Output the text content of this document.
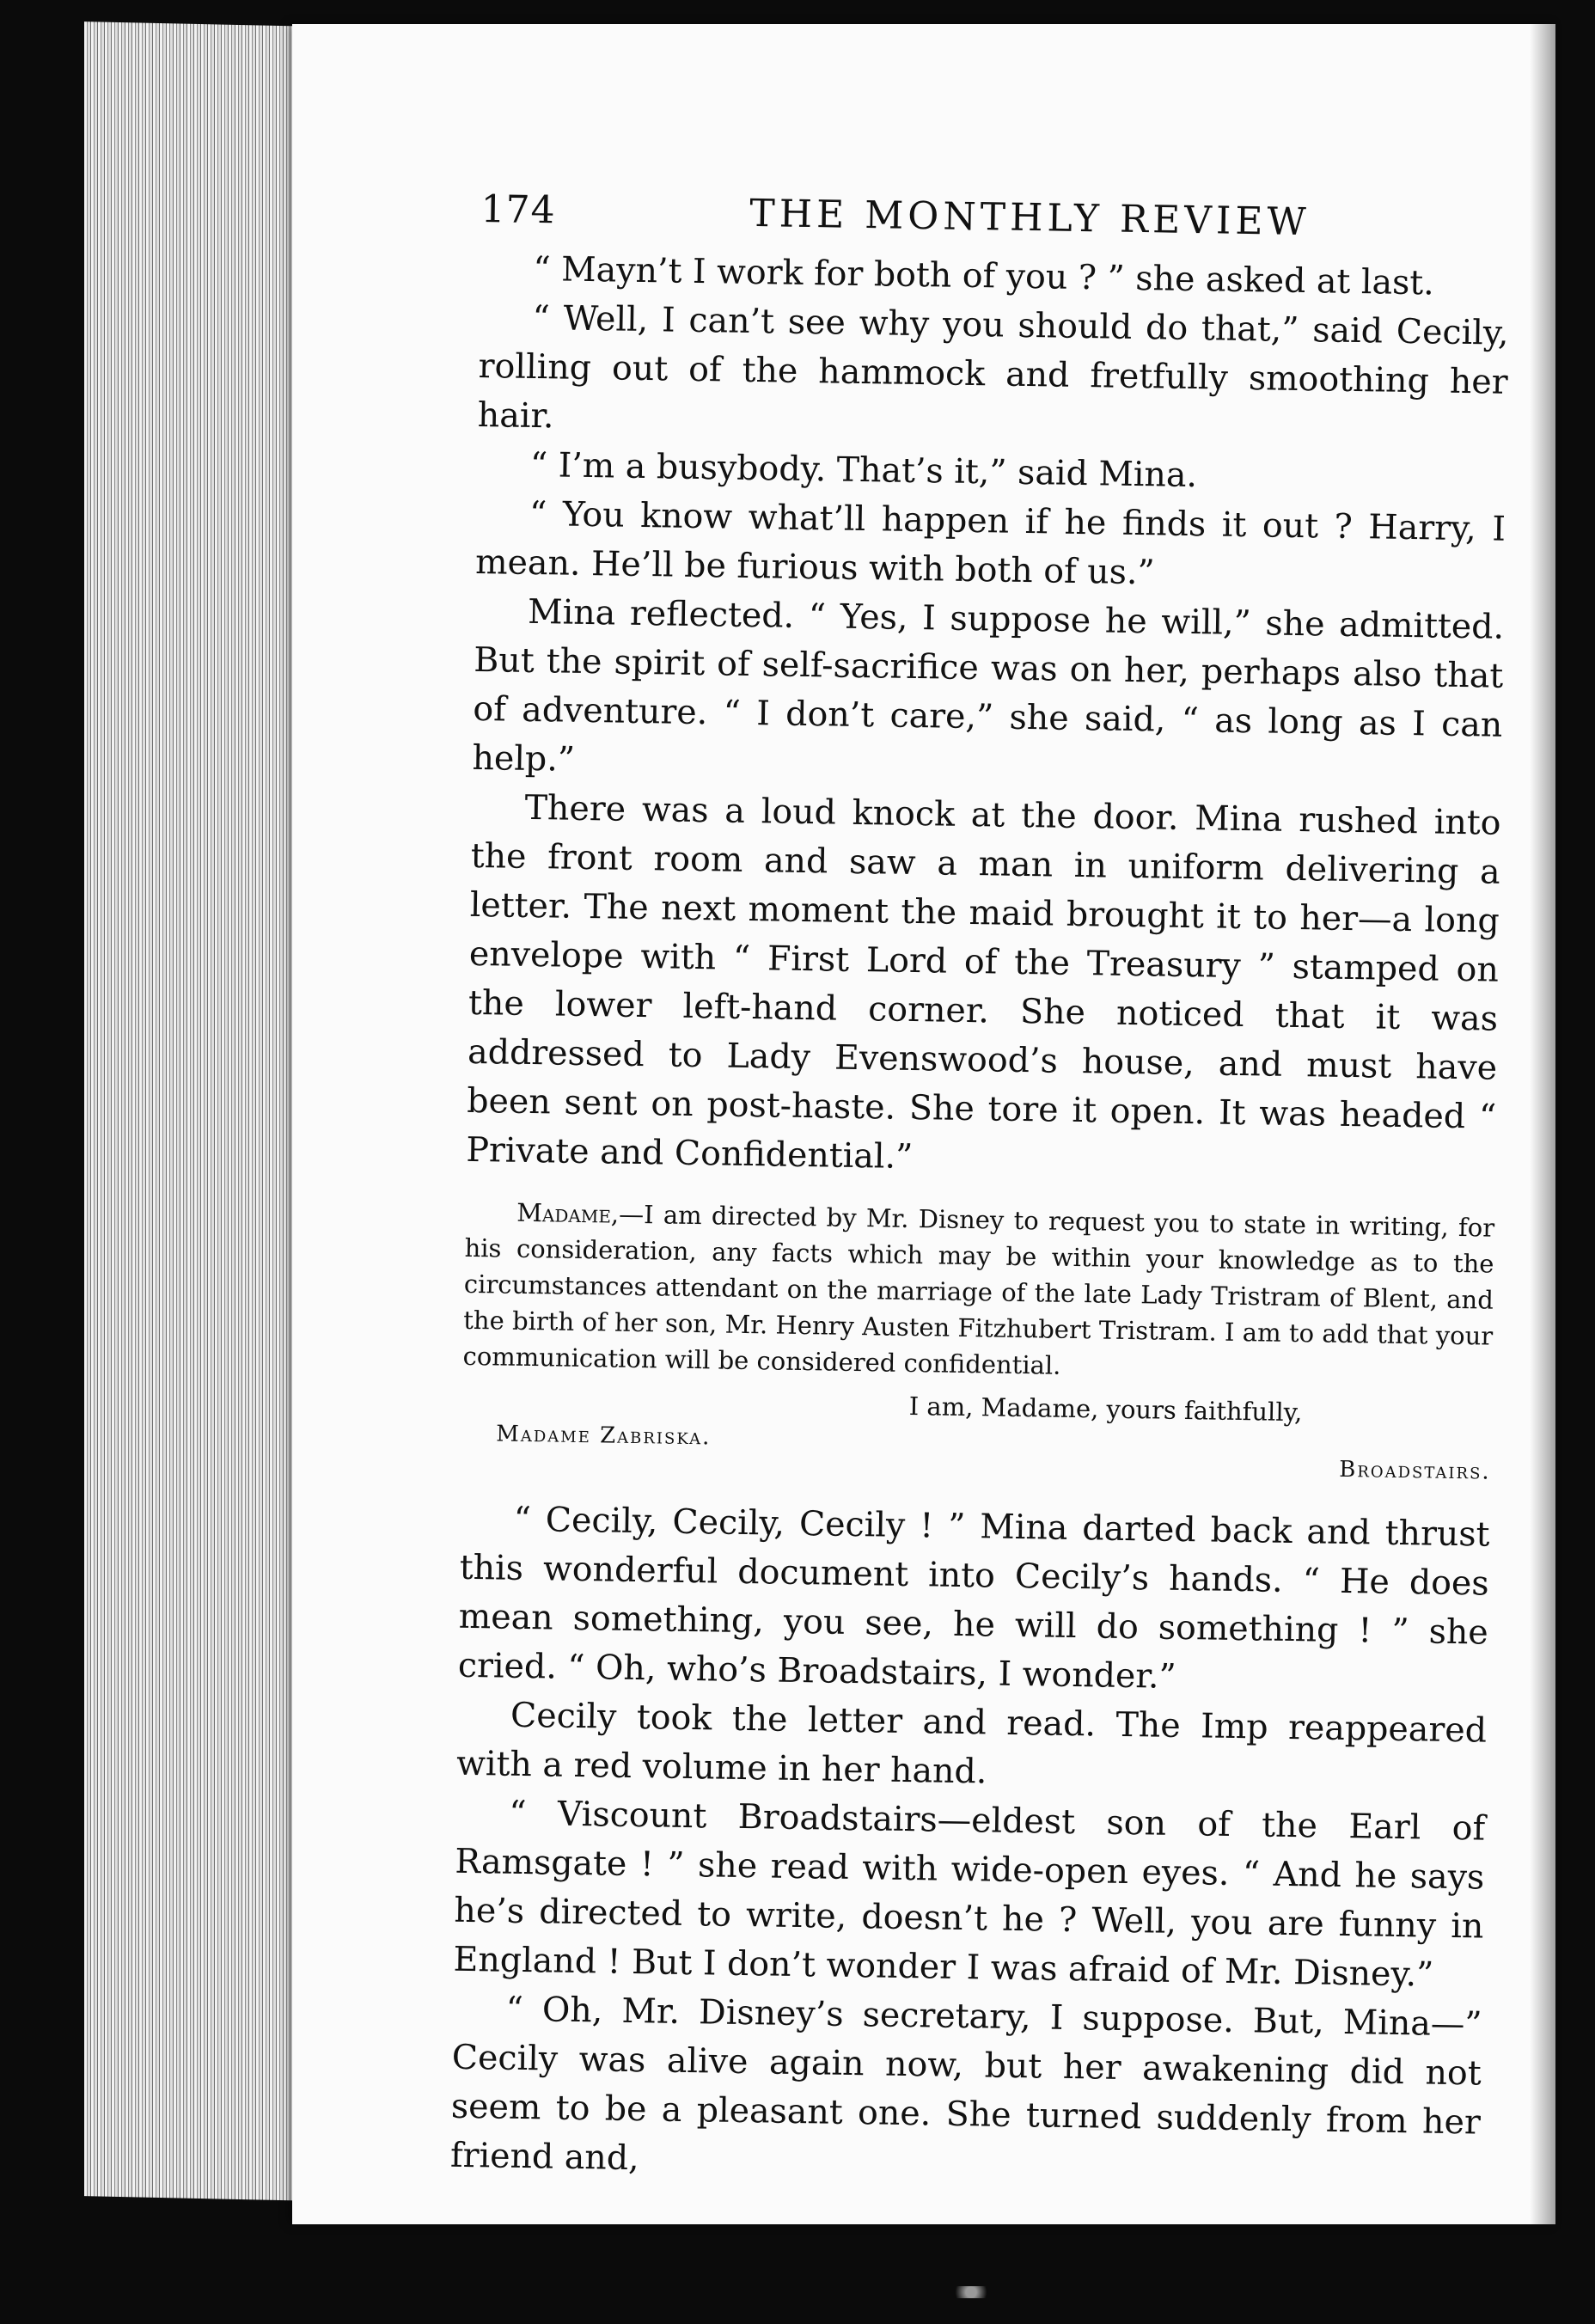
174	THE MONTHLY REVIEW

“ Mayn’t I work for both of you ? ” she asked at last.

“ Well, I can’t see why you should do that,” said Cecily, rolling out of the hammock and fretfully smoothing her hair.

“ I’m a busybody. That’s it,” said Mina.

“ You know what’ll happen if he finds it out ? Harry, I mean. He’ll be furious with both of us.”

Mina reflected. “ Yes, I suppose he will,” she admitted. But the spirit of self-sacrifice was on her, perhaps also that of adventure. “ I don’t care,” she said, “ as long as I can help.”

There was a loud knock at the door. Mina rushed into the front room and saw a man in uniform delivering a letter. The next moment the maid brought it to her—a long envelope with “ First Lord of the Treasury ” stamped on the lower left-hand corner. She noticed that it was addressed to Lady Evenswood’s house, and must have been sent on post-haste. She tore it open. It was headed “ Private and Confidential.”

Madame,—I am directed by Mr. Disney to request you to state in writing, for his consideration, any facts which may be within your knowledge as to the circumstances attendant on the marriage of the late Lady Tristram of Blent, and the birth of her son, Mr. Henry Austen Fitzhubert Tristram. I am to add that your communication will be considered confidential.

I am, Madame, yours faithfully,
Madame Zabriska.
Broadstairs.

“ Cecily, Cecily, Cecily ! ” Mina darted back and thrust this wonderful document into Cecily’s hands. “ He does mean something, you see, he will do something ! ” she cried. “ Oh, who’s Broadstairs, I wonder.”

Cecily took the letter and read. The Imp reappeared with a red volume in her hand.

“ Viscount Broadstairs—eldest son of the Earl of Ramsgate ! ” she read with wide-open eyes. “ And he says he’s directed to write, doesn’t he ? Well, you are funny in England ! But I don’t wonder I was afraid of Mr. Disney.”

“ Oh, Mr. Disney’s secretary, I suppose. But, Mina—” Cecily was alive again now, but her awakening did not seem to be a pleasant one. She turned suddenly from her friend and,
